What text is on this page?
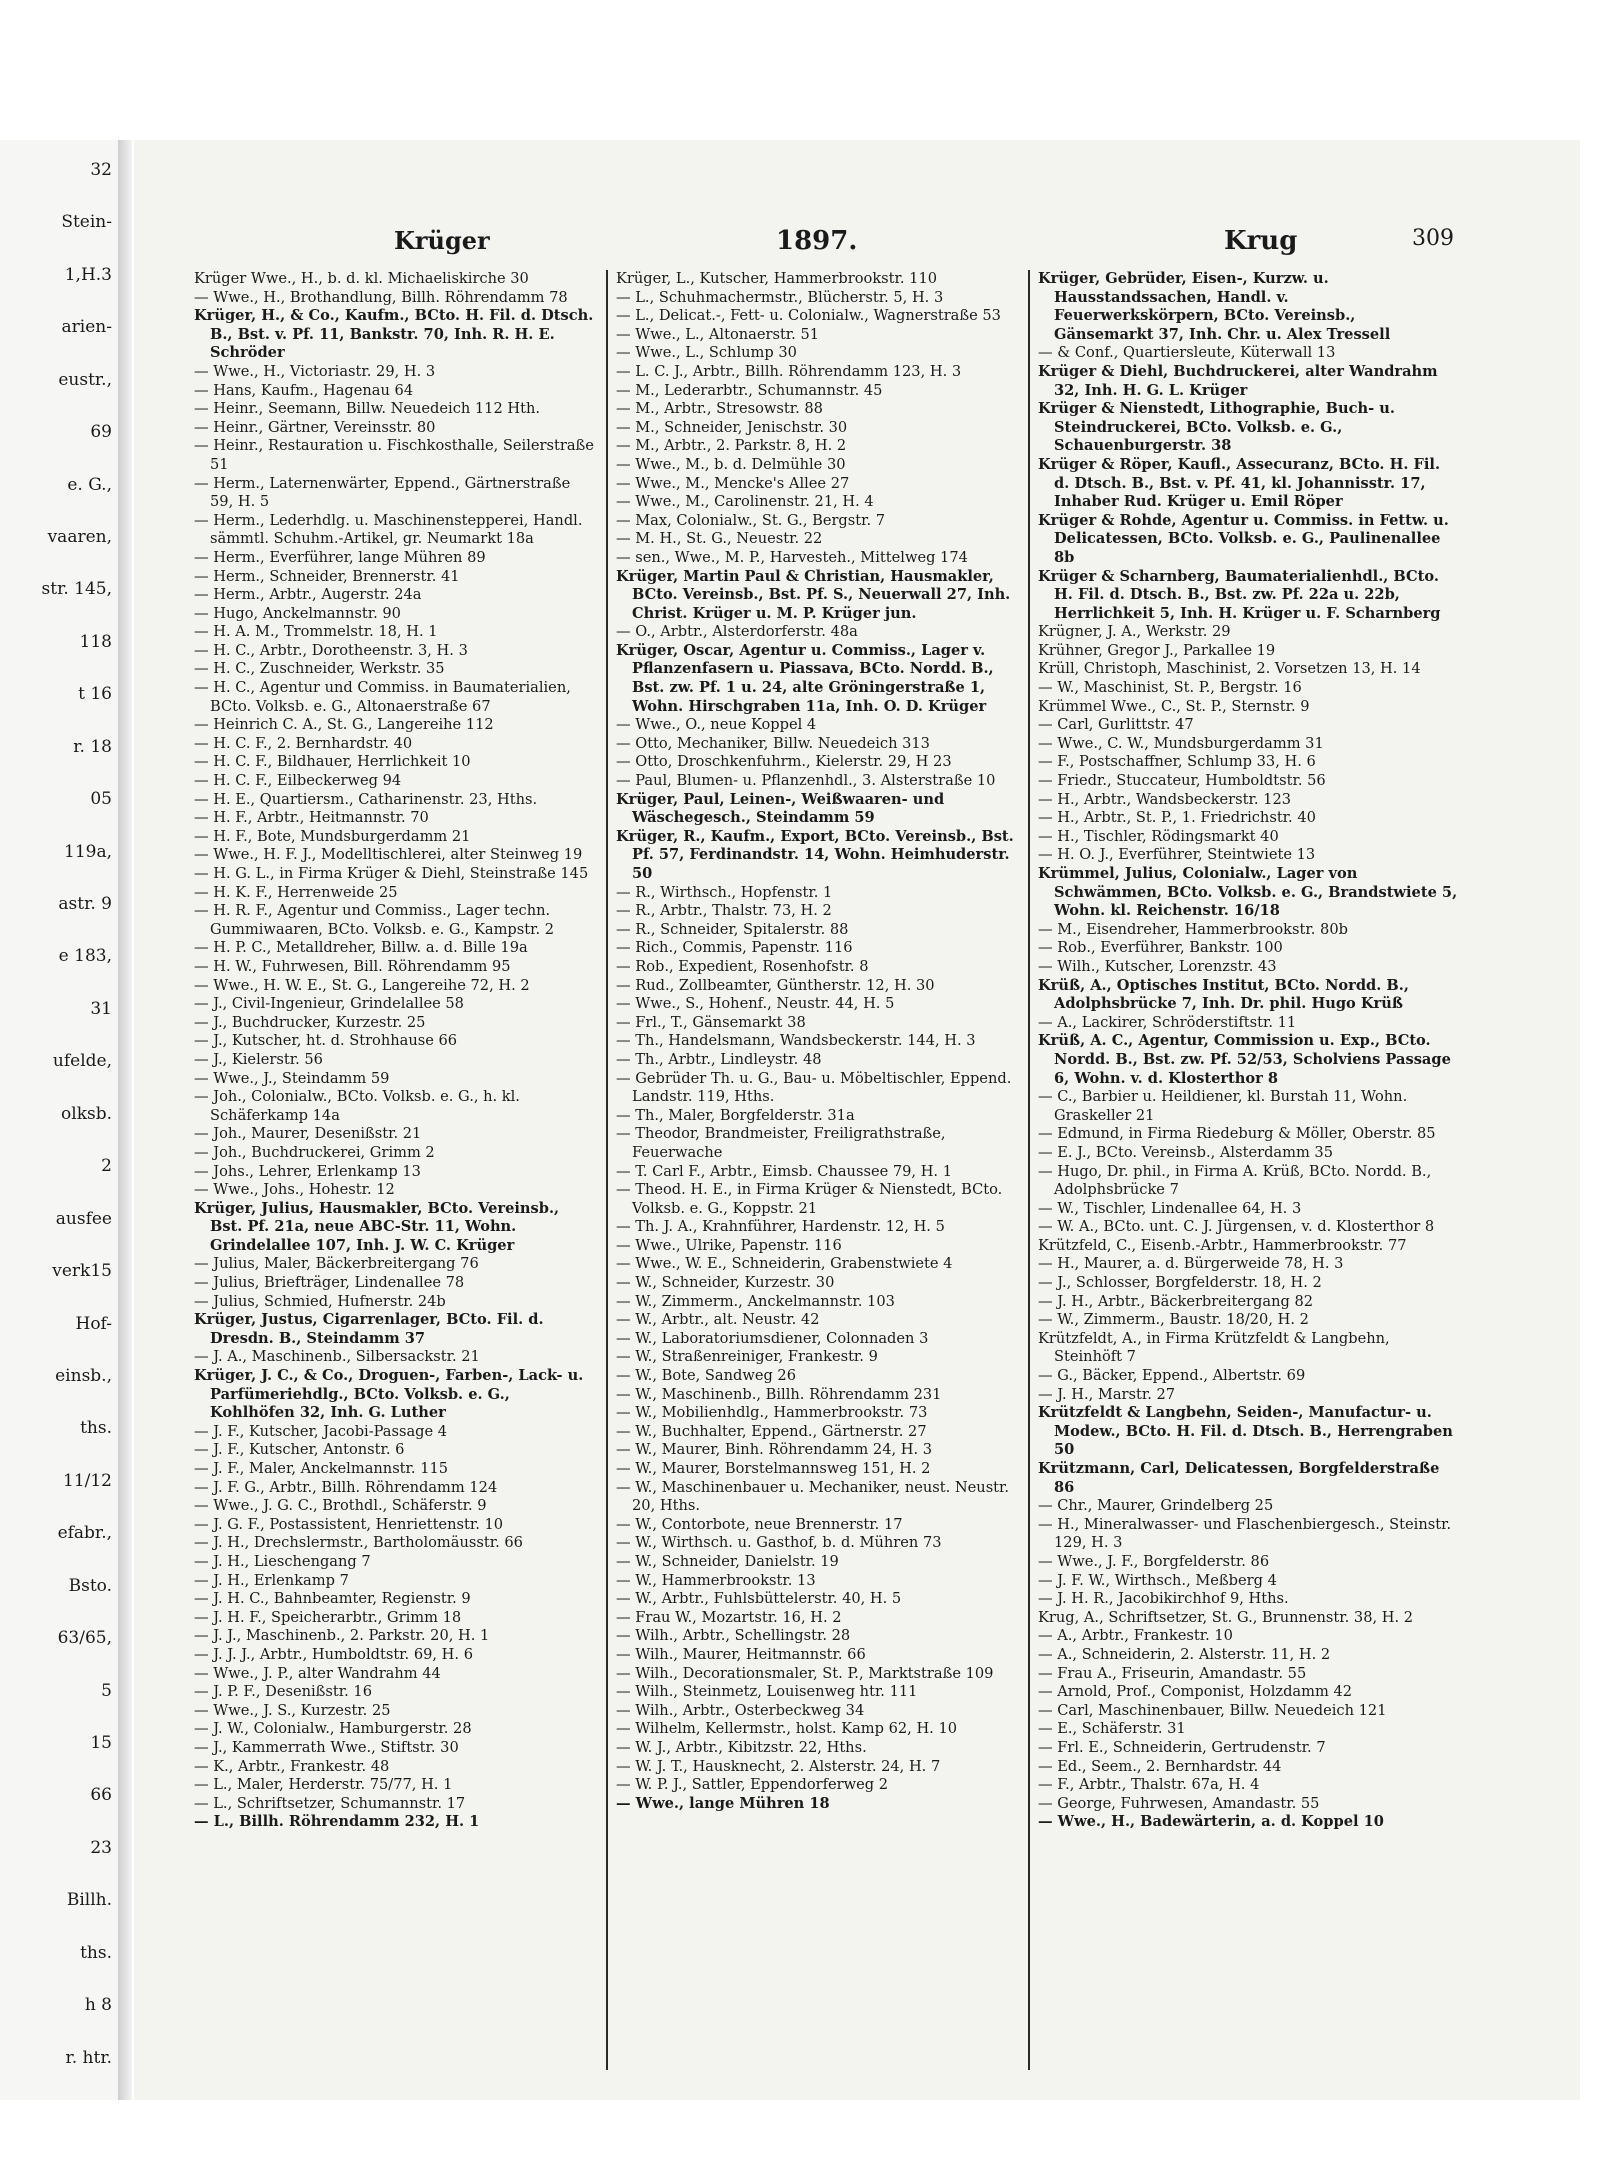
32
Stein-
1,H.3
arien-
eustr.,
69
e. G.,
vaaren,
str. 145,
118
t 16
r. 18
05
119a,
astr. 9
e 183,
31
ufelde,
olksb.
2
ausfee
verk15
Hof-
einsb.,
ths.
11/12
efabr.,
Bsto.
63/65,
5
15
66
23
Billh.
ths.
h 8
r. htr.
Krüger	1897.	Krug	309

Krüger Wwe., H., b. d. kl. Michaeliskirche 30

— Wwe., H., Brothandlung, Billh. Röhrendamm 78

Krüger, H., & Co., Kaufm., BCto. H. Fil. d. Dtsch. B., Bst. v. Pf. 11, Bankstr. 70, Inh. R. H. E. Schröder

— Wwe., H., Victoriastr. 29, H. 3

— Hans, Kaufm., Hagenau 64

— Heinr., Seemann, Billw. Neuedeich 112 Hth.

— Heinr., Gärtner, Vereinsstr. 80

— Heinr., Restauration u. Fischkosthalle, Seilerstraße 51

— Herm., Laternenwärter, Eppend., Gärtnerstraße 59, H. 5

— Herm., Lederhdlg. u. Maschinenstepperei, Handl. sämmtl. Schuhm.-Artikel, gr. Neumarkt 18a

— Herm., Everführer, lange Mühren 89

— Herm., Schneider, Brennerstr. 41

— Herm., Arbtr., Augerstr. 24a

— Hugo, Anckelmannstr. 90

— H. A. M., Trommelstr. 18, H. 1

— H. C., Arbtr., Dorotheenstr. 3, H. 3

— H. C., Zuschneider, Werkstr. 35

— H. C., Agentur und Commiss. in Baumaterialien, BCto. Volksb. e. G., Altonaerstraße 67

— Heinrich C. A., St. G., Langereihe 112

— H. C. F., 2. Bernhardstr. 40

— H. C. F., Bildhauer, Herrlichkeit 10

— H. C. F., Eilbeckerweg 94

— H. E., Quartiersm., Catharinenstr. 23, Hths.

— H. F., Arbtr., Heitmannstr. 70

— H. F., Bote, Mundsburgerdamm 21

— Wwe., H. F. J., Modelltischlerei, alter Steinweg 19

— H. G. L., in Firma Krüger & Diehl, Steinstraße 145

— H. K. F., Herrenweide 25

— H. R. F., Agentur und Commiss., Lager techn. Gummiwaaren, BCto. Volksb. e. G., Kampstr. 2

— H. P. C., Metalldreher, Billw. a. d. Bille 19a

— H. W., Fuhrwesen, Bill. Röhrendamm 95

— Wwe., H. W. E., St. G., Langereihe 72, H. 2

— J., Civil-Ingenieur, Grindelallee 58

— J., Buchdrucker, Kurzestr. 25

— J., Kutscher, ht. d. Strohhause 66

— J., Kielerstr. 56

— Wwe., J., Steindamm 59

— Joh., Colonialw., BCto. Volksb. e. G., h. kl. Schäferkamp 14a

— Joh., Maurer, Desenißstr. 21

— Joh., Buchdruckerei, Grimm 2

— Johs., Lehrer, Erlenkamp 13

— Wwe., Johs., Hohestr. 12

Krüger, Julius, Hausmakler, BCto. Vereinsb., Bst. Pf. 21a, neue ABC-Str. 11, Wohn. Grindelallee 107, Inh. J. W. C. Krüger

— Julius, Maler, Bäckerbreitergang 76

— Julius, Briefträger, Lindenallee 78

— Julius, Schmied, Hufnerstr. 24b

Krüger, Justus, Cigarrenlager, BCto. Fil. d. Dresdn. B., Steindamm 37

— J. A., Maschinenb., Silbersackstr. 21

Krüger, J. C., & Co., Droguen-, Farben-, Lack- u. Parfümeriehdlg., BCto. Volksb. e. G., Kohlhöfen 32, Inh. G. Luther

— J. F., Kutscher, Jacobi-Passage 4

— J. F., Kutscher, Antonstr. 6

— J. F., Maler, Anckelmannstr. 115

— J. F. G., Arbtr., Billh. Röhrendamm 124

— Wwe., J. G. C., Brothdl., Schäferstr. 9

— J. G. F., Postassistent, Henriettenstr. 10

— J. H., Drechslermstr., Bartholomäusstr. 66

— J. H., Lieschengang 7

— J. H., Erlenkamp 7

— J. H. C., Bahnbeamter, Regienstr. 9

— J. H. F., Speicherarbtr., Grimm 18

— J. J., Maschinenb., 2. Parkstr. 20, H. 1

— J. J. J., Arbtr., Humboldtstr. 69, H. 6

— Wwe., J. P., alter Wandrahm 44

— J. P. F., Desenißstr. 16

— Wwe., J. S., Kurzestr. 25

— J. W., Colonialw., Hamburgerstr. 28

— J., Kammerrath Wwe., Stiftstr. 30

— K., Arbtr., Frankestr. 48

— L., Maler, Herderstr. 75/77, H. 1

— L., Schriftsetzer, Schumannstr. 17

— L., Billh. Röhrendamm 232, H. 1

Krüger, L., Kutscher, Hammerbrookstr. 110

— L., Schuhmachermstr., Blücherstr. 5, H. 3

— L., Delicat.-, Fett- u. Colonialw., Wagnerstraße 53

— Wwe., L., Altonaerstr. 51

— Wwe., L., Schlump 30

— L. C. J., Arbtr., Billh. Röhrendamm 123, H. 3

— M., Lederarbtr., Schumannstr. 45

— M., Arbtr., Stresowstr. 88

— M., Schneider, Jenischstr. 30

— M., Arbtr., 2. Parkstr. 8, H. 2

— Wwe., M., b. d. Delmühle 30

— Wwe., M., Mencke's Allee 27

— Wwe., M., Carolinenstr. 21, H. 4

— Max, Colonialw., St. G., Bergstr. 7

— M. H., St. G., Neuestr. 22

— sen., Wwe., M. P., Harvesteh., Mittelweg 174

Krüger, Martin Paul & Christian, Hausmakler, BCto. Vereinsb., Bst. Pf. S., Neuerwall 27, Inh. Christ. Krüger u. M. P. Krüger jun.

— O., Arbtr., Alsterdorferstr. 48a

Krüger, Oscar, Agentur u. Commiss., Lager v. Pflanzenfasern u. Piassava, BCto. Nordd. B., Bst. zw. Pf. 1 u. 24, alte Gröningerstraße 1, Wohn. Hirschgraben 11a, Inh. O. D. Krüger

— Wwe., O., neue Koppel 4

— Otto, Mechaniker, Billw. Neuedeich 313

— Otto, Droschkenfuhrm., Kielerstr. 29, H 23

— Paul, Blumen- u. Pflanzenhdl., 3. Alsterstraße 10

Krüger, Paul, Leinen-, Weißwaaren- und Wäschegesch., Steindamm 59

Krüger, R., Kaufm., Export, BCto. Vereinsb., Bst. Pf. 57, Ferdinandstr. 14, Wohn. Heimhuderstr. 50

— R., Wirthsch., Hopfenstr. 1

— R., Arbtr., Thalstr. 73, H. 2

— R., Schneider, Spitalerstr. 88

— Rich., Commis, Papenstr. 116

— Rob., Expedient, Rosenhofstr. 8

— Rud., Zollbeamter, Güntherstr. 12, H. 30

— Wwe., S., Hohenf., Neustr. 44, H. 5

— Frl., T., Gänsemarkt 38

— Th., Handelsmann, Wandsbeckerstr. 144, H. 3

— Th., Arbtr., Lindleystr. 48

— Gebrüder Th. u. G., Bau- u. Möbeltischler, Eppend. Landstr. 119, Hths.

— Th., Maler, Borgfelderstr. 31a

— Theodor, Brandmeister, Freiligrathstraße, Feuerwache

— T. Carl F., Arbtr., Eimsb. Chaussee 79, H. 1

— Theod. H. E., in Firma Krüger & Nienstedt, BCto. Volksb. e. G., Koppstr. 21

— Th. J. A., Krahnführer, Hardenstr. 12, H. 5

— Wwe., Ulrike, Papenstr. 116

— Wwe., W. E., Schneiderin, Grabenstwiete 4

— W., Schneider, Kurzestr. 30

— W., Zimmerm., Anckelmannstr. 103

— W., Arbtr., alt. Neustr. 42

— W., Laboratoriumsdiener, Colonnaden 3

— W., Straßenreiniger, Frankestr. 9

— W., Bote, Sandweg 26

— W., Maschinenb., Billh. Röhrendamm 231

— W., Mobilienhdlg., Hammerbrookstr. 73

— W., Buchhalter, Eppend., Gärtnerstr. 27

— W., Maurer, Binh. Röhrendamm 24, H. 3

— W., Maurer, Borstelmannsweg 151, H. 2

— W., Maschinenbauer u. Mechaniker, neust. Neustr. 20, Hths.

— W., Contorbote, neue Brennerstr. 17

— W., Wirthsch. u. Gasthof, b. d. Mühren 73

— W., Schneider, Danielstr. 19

— W., Hammerbrookstr. 13

— W., Arbtr., Fuhlsbüttelerstr. 40, H. 5

— Frau W., Mozartstr. 16, H. 2

— Wilh., Arbtr., Schellingstr. 28

— Wilh., Maurer, Heitmannstr. 66

— Wilh., Decorationsmaler, St. P., Marktstraße 109

— Wilh., Steinmetz, Louisenweg htr. 111

— Wilh., Arbtr., Osterbeckweg 34

— Wilhelm, Kellermstr., holst. Kamp 62, H. 10

— W. J., Arbtr., Kibitzstr. 22, Hths.

— W. J. T., Hausknecht, 2. Alsterstr. 24, H. 7

— W. P. J., Sattler, Eppendorferweg 2

— Wwe., lange Mühren 18

Krüger, Gebrüder, Eisen-, Kurzw. u. Hausstandssachen, Handl. v. Feuerwerkskörpern, BCto. Vereinsb., Gänsemarkt 37, Inh. Chr. u. Alex Tressell

— & Conf., Quartiersleute, Küterwall 13

Krüger & Diehl, Buchdruckerei, alter Wandrahm 32, Inh. H. G. L. Krüger

Krüger & Nienstedt, Lithographie, Buch- u. Steindruckerei, BCto. Volksb. e. G., Schauenburgerstr. 38

Krüger & Röper, Kaufl., Assecuranz, BCto. H. Fil. d. Dtsch. B., Bst. v. Pf. 41, kl. Johannisstr. 17, Inhaber Rud. Krüger u. Emil Röper

Krüger & Rohde, Agentur u. Commiss. in Fettw. u. Delicatessen, BCto. Volksb. e. G., Paulinenallee 8b

Krüger & Scharnberg, Baumaterialienhdl., BCto. H. Fil. d. Dtsch. B., Bst. zw. Pf. 22a u. 22b, Herrlichkeit 5, Inh. H. Krüger u. F. Scharnberg

Krügner, J. A., Werkstr. 29

Krühner, Gregor J., Parkallee 19

Krüll, Christoph, Maschinist, 2. Vorsetzen 13, H. 14

— W., Maschinist, St. P., Bergstr. 16

Krümmel Wwe., C., St. P., Sternstr. 9

— Carl, Gurlittstr. 47

— Wwe., C. W., Mundsburgerdamm 31

— F., Postschaffner, Schlump 33, H. 6

— Friedr., Stuccateur, Humboldtstr. 56

— H., Arbtr., Wandsbeckerstr. 123

— H., Arbtr., St. P., 1. Friedrichstr. 40

— H., Tischler, Rödingsmarkt 40

— H. O. J., Everführer, Steintwiete 13

Krümmel, Julius, Colonialw., Lager von Schwämmen, BCto. Volksb. e. G., Brandstwiete 5, Wohn. kl. Reichenstr. 16/18

— M., Eisendreher, Hammerbrookstr. 80b

— Rob., Everführer, Bankstr. 100

— Wilh., Kutscher, Lorenzstr. 43

Krüß, A., Optisches Institut, BCto. Nordd. B., Adolphsbrücke 7, Inh. Dr. phil. Hugo Krüß

— A., Lackirer, Schröderstiftstr. 11

Krüß, A. C., Agentur, Commission u. Exp., BCto. Nordd. B., Bst. zw. Pf. 52/53, Scholviens Passage 6, Wohn. v. d. Klosterthor 8

— C., Barbier u. Heildiener, kl. Burstah 11, Wohn. Graskeller 21

— Edmund, in Firma Riedeburg & Möller, Oberstr. 85

— E. J., BCto. Vereinsb., Alsterdamm 35

— Hugo, Dr. phil., in Firma A. Krüß, BCto. Nordd. B., Adolphsbrücke 7

— W., Tischler, Lindenallee 64, H. 3

— W. A., BCto. unt. C. J. Jürgensen, v. d. Klosterthor 8

Krützfeld, C., Eisenb.-Arbtr., Hammerbrookstr. 77

— H., Maurer, a. d. Bürgerweide 78, H. 3

— J., Schlosser, Borgfelderstr. 18, H. 2

— J. H., Arbtr., Bäckerbreitergang 82

— W., Zimmerm., Baustr. 18/20, H. 2

Krützfeldt, A., in Firma Krützfeldt & Langbehn, Steinhöft 7

— G., Bäcker, Eppend., Albertstr. 69

— J. H., Marstr. 27

Krützfeldt & Langbehn, Seiden-, Manufactur- u. Modew., BCto. H. Fil. d. Dtsch. B., Herrengraben 50

Krützmann, Carl, Delicatessen, Borgfelderstraße 86

— Chr., Maurer, Grindelberg 25

— H., Mineralwasser- und Flaschenbiergesch., Steinstr. 129, H. 3

— Wwe., J. F., Borgfelderstr. 86

— J. F. W., Wirthsch., Meßberg 4

— J. H. R., Jacobikirchhof 9, Hths.

Krug, A., Schriftsetzer, St. G., Brunnenstr. 38, H. 2

— A., Arbtr., Frankestr. 10

— A., Schneiderin, 2. Alsterstr. 11, H. 2

— Frau A., Friseurin, Amandastr. 55

— Arnold, Prof., Componist, Holzdamm 42

— Carl, Maschinenbauer, Billw. Neuedeich 121

— E., Schäferstr. 31

— Frl. E., Schneiderin, Gertrudenstr. 7

— Ed., Seem., 2. Bernhardstr. 44

— F., Arbtr., Thalstr. 67a, H. 4

— George, Fuhrwesen, Amandastr. 55

— Wwe., H., Badewärterin, a. d. Koppel 10
